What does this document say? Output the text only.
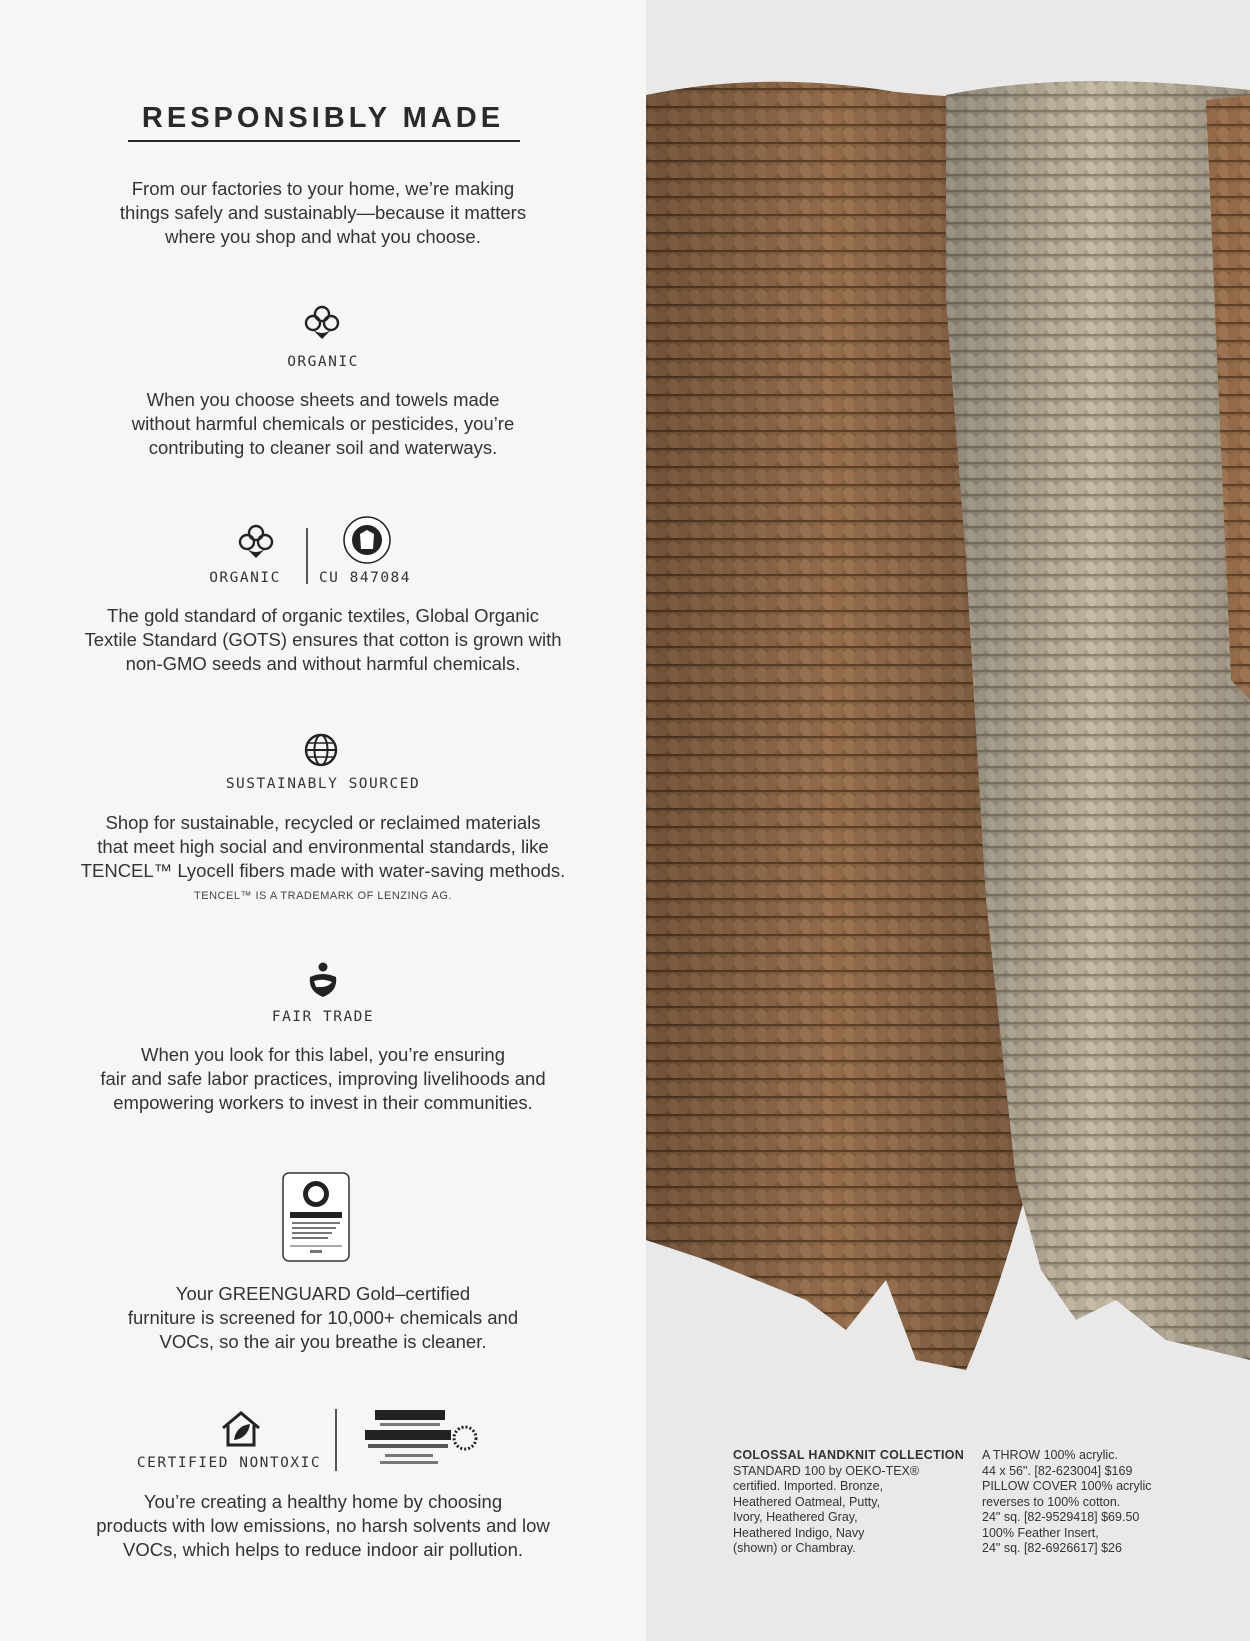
A
RESPONSIBLY MADE
From our factories to your home, we’re making
things safely and sustainably—because it matters
where you shop and what you choose.
ORGANIC
When you choose sheets and towels made
without harmful chemicals or pesticides, you’re
contributing to cleaner soil and waterways.
ORGANIC	CU 847084
The gold standard of organic textiles, Global Organic
Textile Standard (GOTS) ensures that cotton is grown with
non-GMO seeds and without harmful chemicals.
SUSTAINABLY SOURCED
Shop for sustainable, recycled or reclaimed materials
that meet high social and environmental standards, like
TENCEL™ Lyocell fibers made with water-saving methods.
TENCEL™ IS A TRADEMARK OF LENZING AG.
FAIR TRADE
When you look for this label, you’re ensuring
fair and safe labor practices, improving livelihoods and
empowering workers to invest in their communities.
Your GREENGUARD Gold–certified
furniture is screened for 10,000+ chemicals and
VOCs, so the air you breathe is cleaner.
CERTIFIED NONTOXIC
You’re creating a healthy home by choosing
products with low emissions, no harsh solvents and low
VOCs, which helps to reduce indoor air pollution.
COLOSSAL HANDKNIT COLLECTION
STANDARD 100 by OEKO-TEX®
certified. Imported. Bronze,
Heathered Oatmeal, Putty,
Ivory, Heathered Gray,
Heathered Indigo, Navy
(shown) or Chambray.
A THROW 100% acrylic.
44 x 56". [82-623004] $169
PILLOW COVER 100% acrylic
reverses to 100% cotton.
24" sq. [82-9529418] $69.50
100% Feather Insert,
24" sq. [82-6926617] $26
